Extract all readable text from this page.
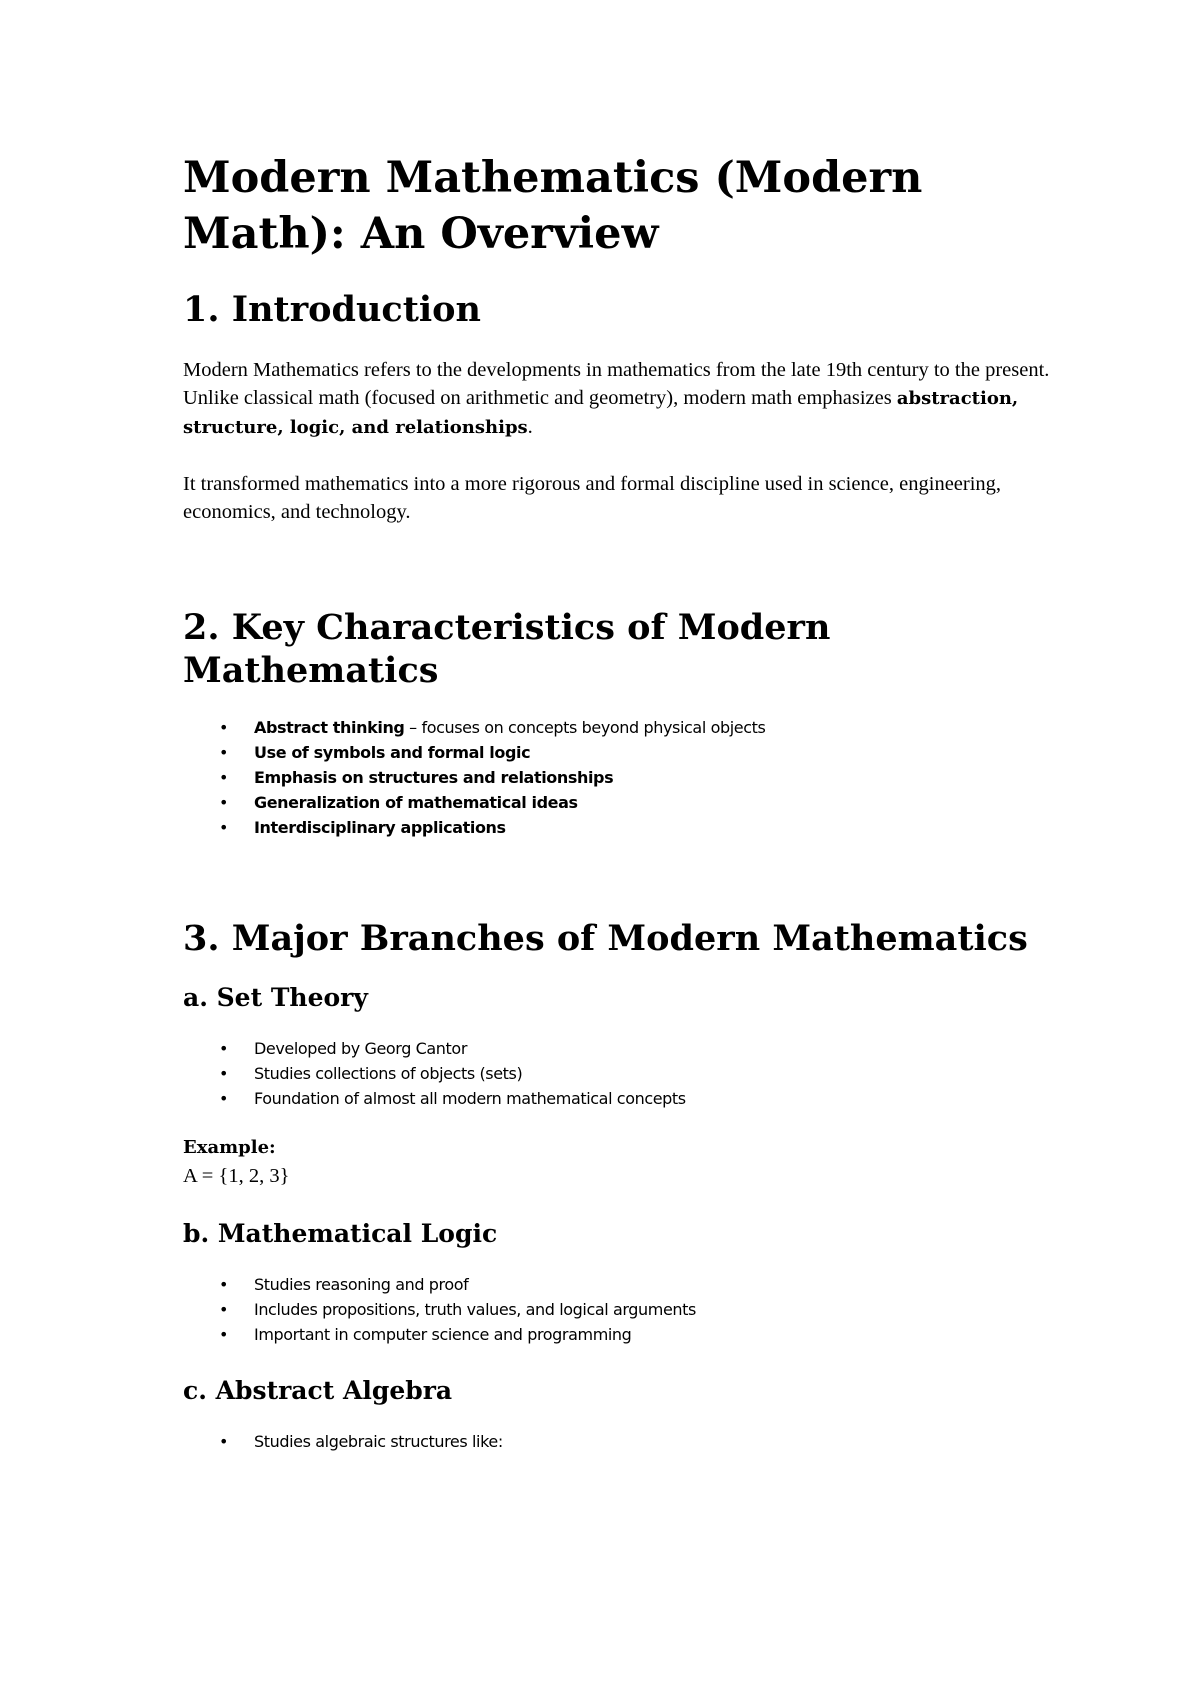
Modern Mathematics (Modern Math): An Overview
1. Introduction

Modern Mathematics refers to the developments in mathematics from the late 19th century to the present. Unlike classical math (focused on arithmetic and geometry), modern math emphasizes abstraction, structure, logic, and relationships.

It transformed mathematics into a more rigorous and formal discipline used in science, engineering, economics, and technology.

2. Key Characteristics of Modern Mathematics
• Abstract thinking – focuses on concepts beyond physical objects
• Use of symbols and formal logic
• Emphasis on structures and relationships
• Generalization of mathematical ideas
• Interdisciplinary applications
3. Major Branches of Modern Mathematics
a. Set Theory
• Developed by Georg Cantor
• Studies collections of objects (sets)
• Foundation of almost all modern mathematical concepts

Example:

A = {1, 2, 3}

b. Mathematical Logic
• Studies reasoning and proof
• Includes propositions, truth values, and logical arguments
• Important in computer science and programming
c. Abstract Algebra
• Studies algebraic structures like:
